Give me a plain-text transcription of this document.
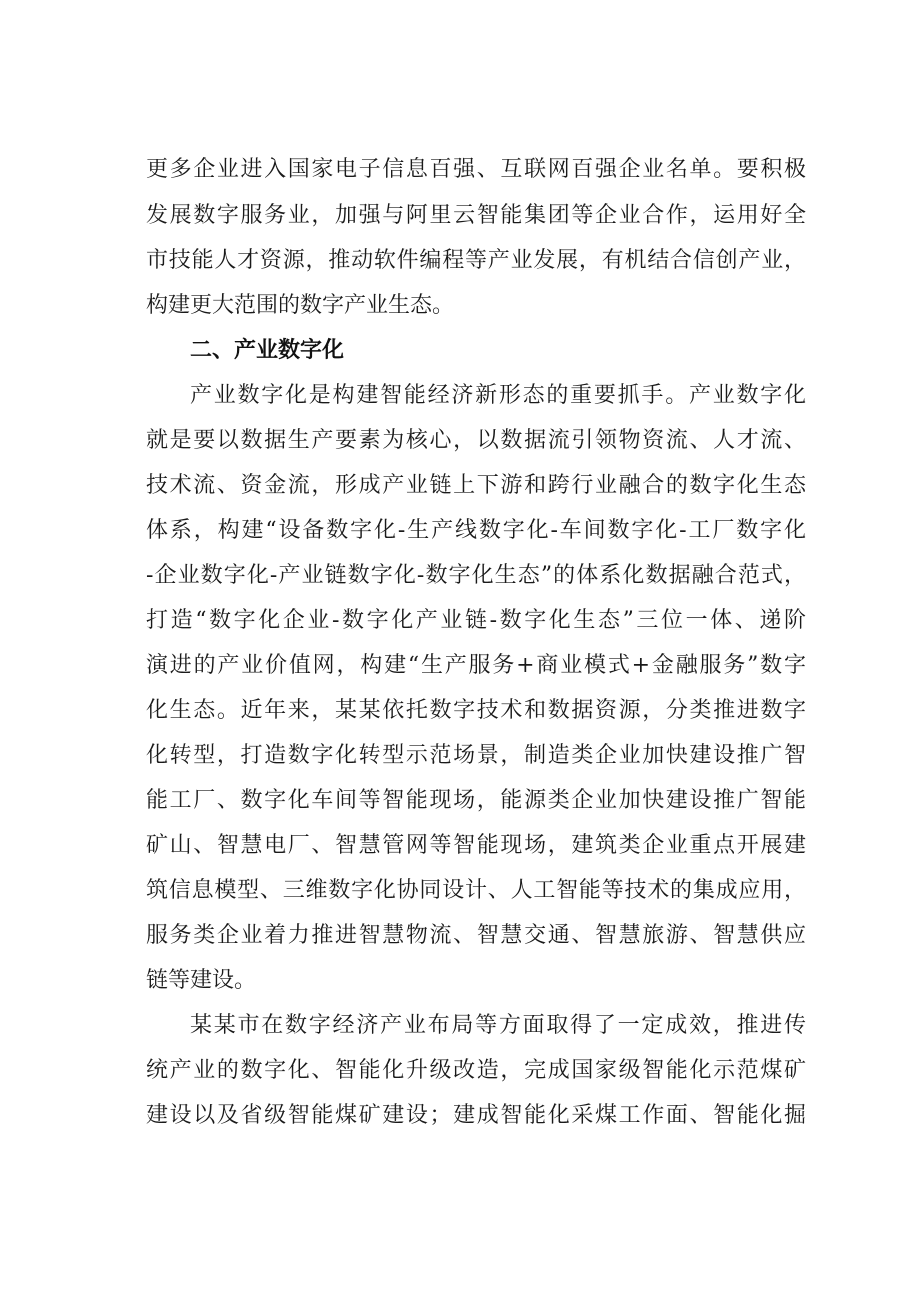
更多企业进入国家电子信息百强、互联网百强企业名单。要积极

发展数字服务业，加强与阿里云智能集团等企业合作，运用好全

市技能人才资源，推动软件编程等产业发展，有机结合信创产业，

构建更大范围的数字产业生态。

二、产业数字化

产业数字化是构建智能经济新形态的重要抓手。产业数字化

就是要以数据生产要素为核心，以数据流引领物资流、人才流、

技术流、资金流，形成产业链上下游和跨行业融合的数字化生态

体系，构建“设备数字化-生产线数字化-车间数字化-工厂数字化

-企业数字化-产业链数字化-数字化生态”的体系化数据融合范式，

打造“数字化企业-数字化产业链-数字化生态”三位一体、递阶

演进的产业价值网，构建“生产服务+商业模式+金融服务”数字

化生态。近年来，某某依托数字技术和数据资源，分类推进数字

化转型，打造数字化转型示范场景，制造类企业加快建设推广智

能工厂、数字化车间等智能现场，能源类企业加快建设推广智能

矿山、智慧电厂、智慧管网等智能现场，建筑类企业重点开展建

筑信息模型、三维数字化协同设计、人工智能等技术的集成应用，

服务类企业着力推进智慧物流、智慧交通、智慧旅游、智慧供应

链等建设。

某某市在数字经济产业布局等方面取得了一定成效，推进传

统产业的数字化、智能化升级改造，完成国家级智能化示范煤矿

建设以及省级智能煤矿建设；建成智能化采煤工作面、智能化掘
